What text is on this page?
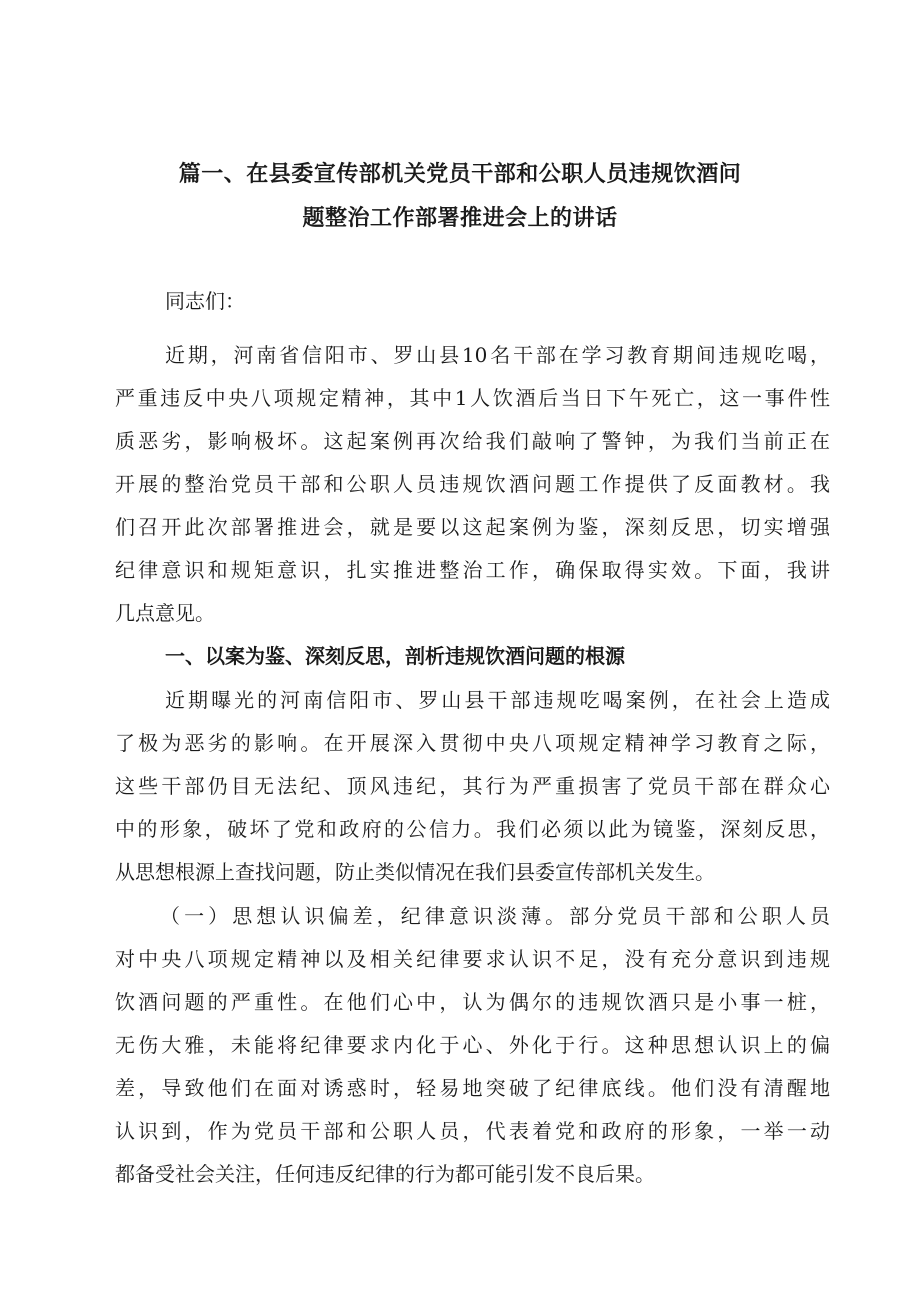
篇一、在县委宣传部机关党员干部和公职人员违规饮酒问
题整治工作部署推进会上的讲话
同志们：
近期，河南省信阳市、罗山县10名干部在学习教育期间违规吃喝，
严重违反中央八项规定精神，其中1人饮酒后当日下午死亡，这一事件性
质恶劣，影响极坏。这起案例再次给我们敲响了警钟，为我们当前正在
开展的整治党员干部和公职人员违规饮酒问题工作提供了反面教材。我
们召开此次部署推进会，就是要以这起案例为鉴，深刻反思，切实增强
纪律意识和规矩意识，扎实推进整治工作，确保取得实效。下面，我讲
几点意见。
一、以案为鉴、深刻反思，剖析违规饮酒问题的根源
近期曝光的河南信阳市、罗山县干部违规吃喝案例，在社会上造成
了极为恶劣的影响。在开展深入贯彻中央八项规定精神学习教育之际，
这些干部仍目无法纪、顶风违纪，其行为严重损害了党员干部在群众心
中的形象，破坏了党和政府的公信力。我们必须以此为镜鉴，深刻反思，
从思想根源上查找问题，防止类似情况在我们县委宣传部机关发生。
（一）思想认识偏差，纪律意识淡薄。部分党员干部和公职人员
对中央八项规定精神以及相关纪律要求认识不足，没有充分意识到违规
饮酒问题的严重性。在他们心中，认为偶尔的违规饮酒只是小事一桩，
无伤大雅，未能将纪律要求内化于心、外化于行。这种思想认识上的偏
差，导致他们在面对诱惑时，轻易地突破了纪律底线。他们没有清醒地
认识到，作为党员干部和公职人员，代表着党和政府的形象，一举一动
都备受社会关注，任何违反纪律的行为都可能引发不良后果。
